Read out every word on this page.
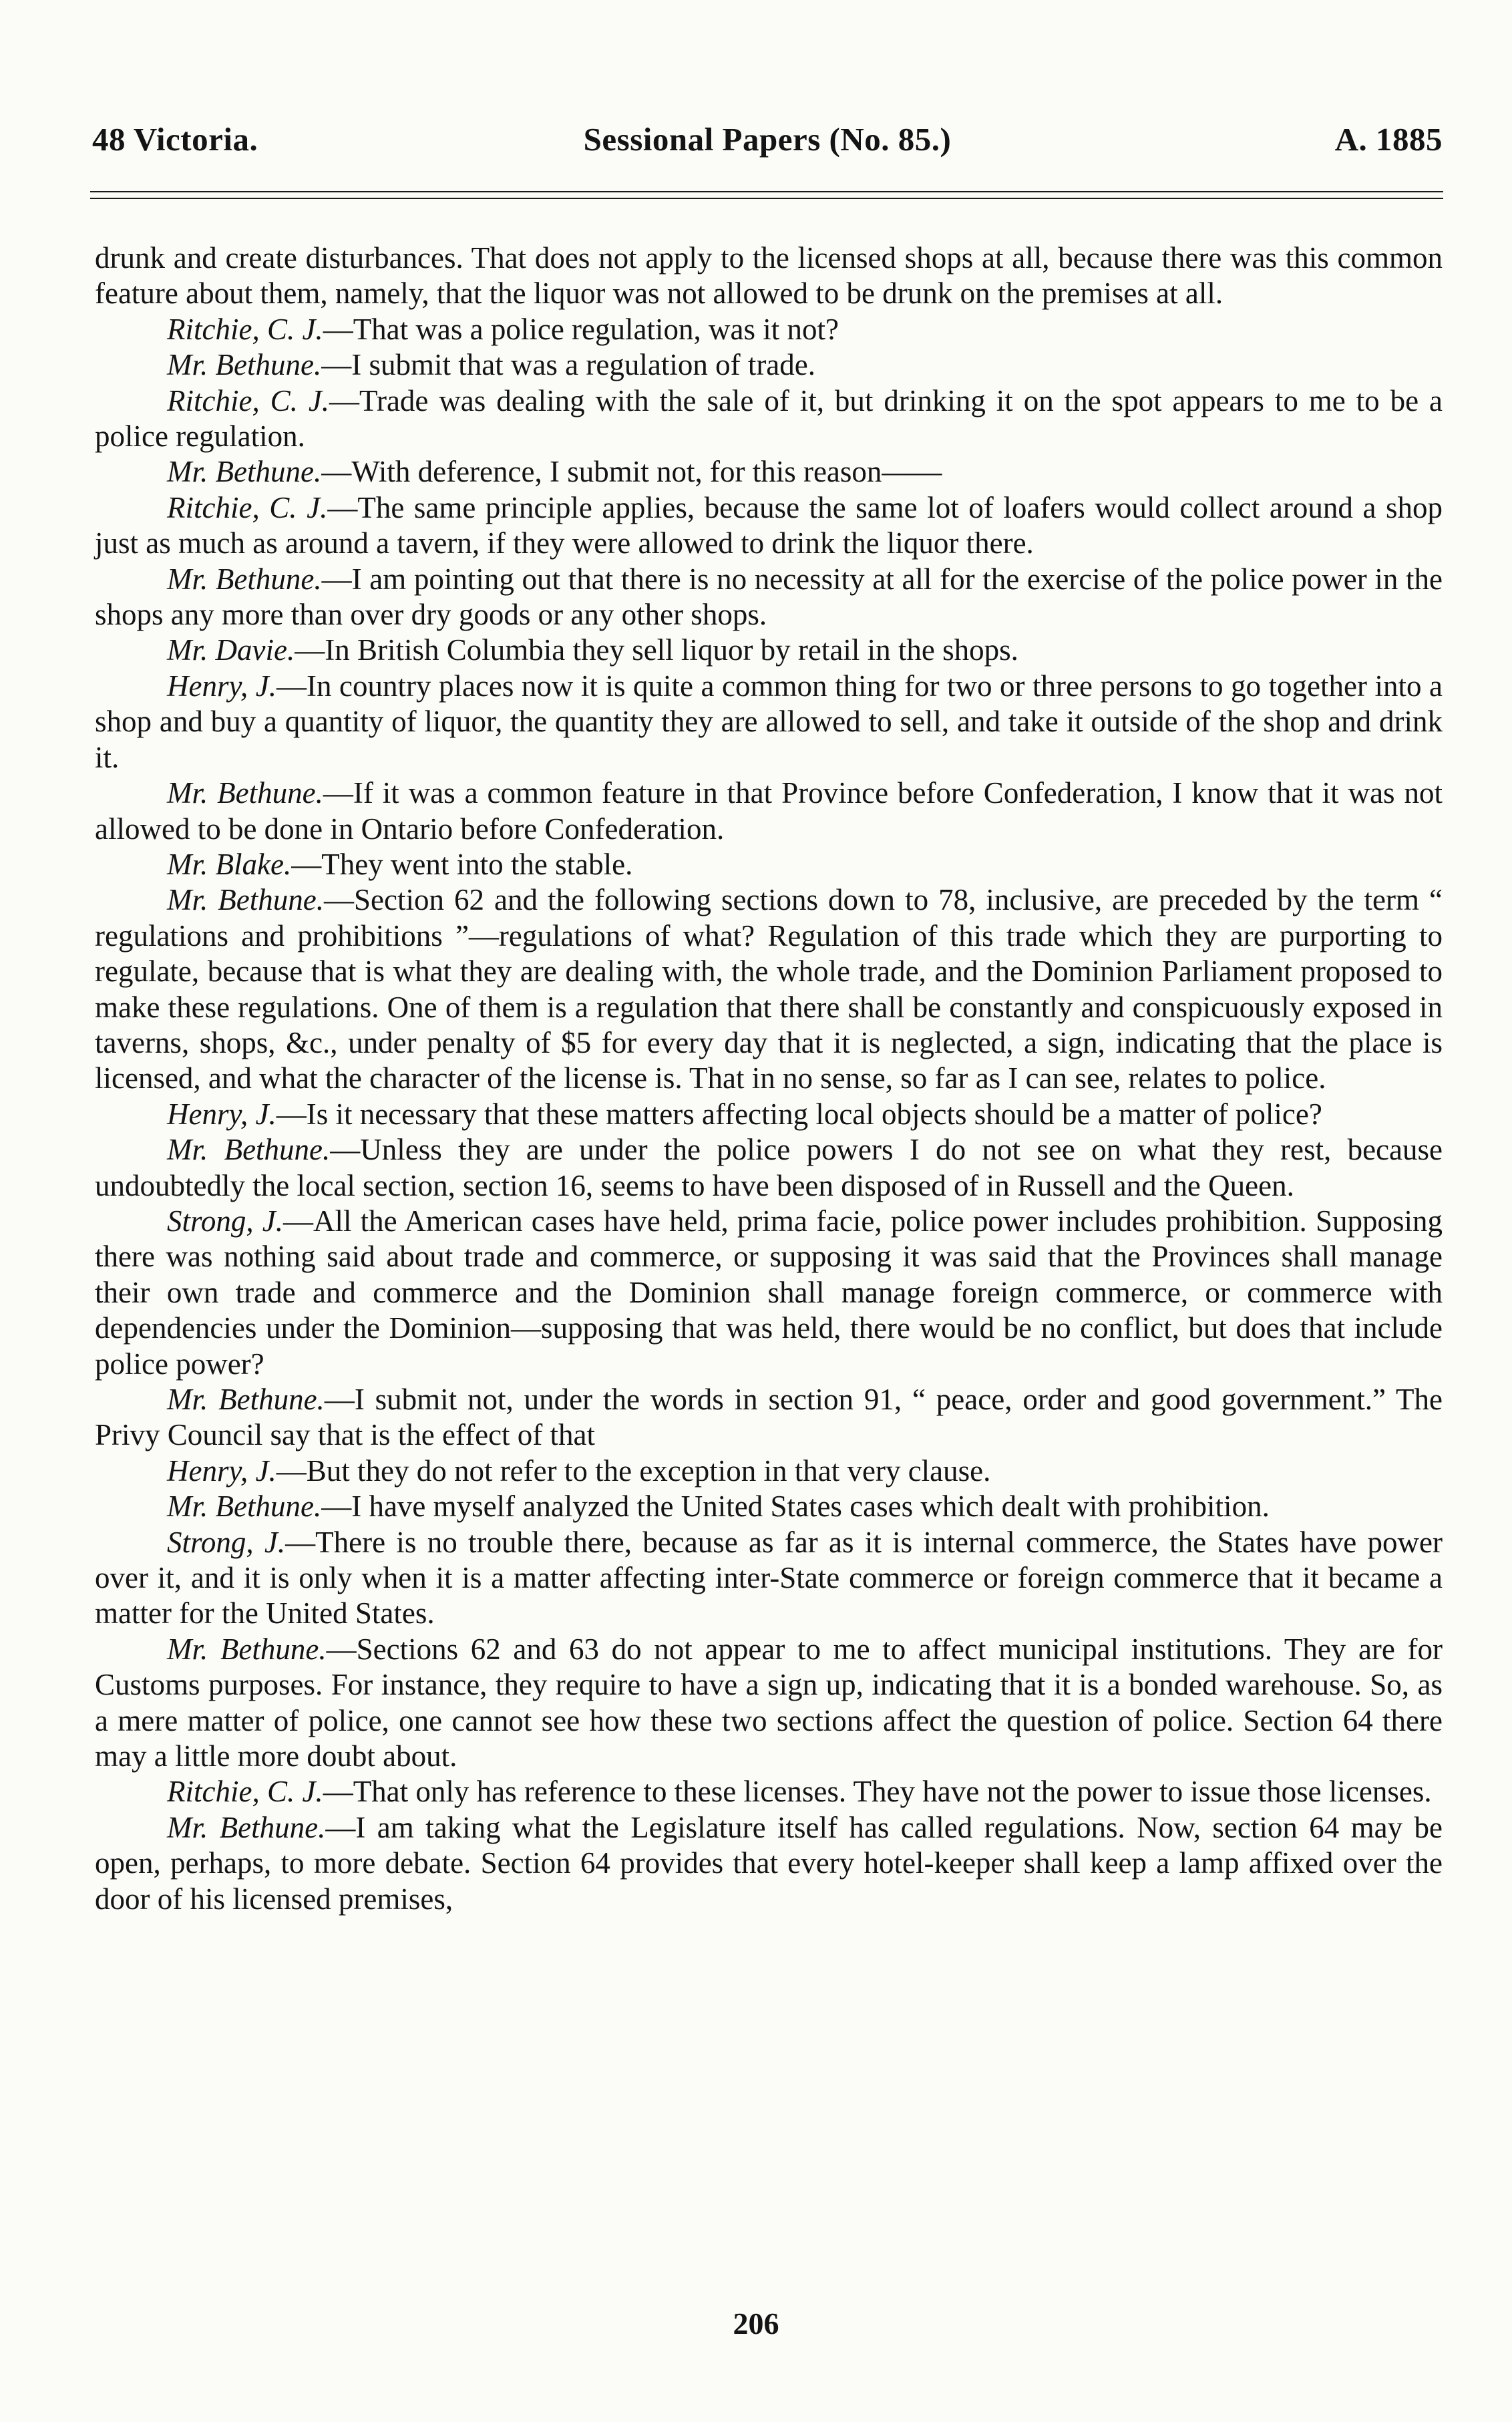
48 Victoria.	Sessional Papers (No. 85.)	A. 1885

drunk and create disturbances. That does not apply to the licensed shops at all, because there was this common feature about them, namely, that the liquor was not allowed to be drunk on the premises at all.

Ritchie, C. J.—That was a police regulation, was it not?

Mr. Bethune.—I submit that was a regulation of trade.

Ritchie, C. J.—Trade was dealing with the sale of it, but drinking it on the spot appears to me to be a police regulation.

Mr. Bethune.—With deference, I submit not, for this reason——

Ritchie, C. J.—The same principle applies, because the same lot of loafers would collect around a shop just as much as around a tavern, if they were allowed to drink the liquor there.

Mr. Bethune.—I am pointing out that there is no necessity at all for the exercise of the police power in the shops any more than over dry goods or any other shops.

Mr. Davie.—In British Columbia they sell liquor by retail in the shops.

Henry, J.—In country places now it is quite a common thing for two or three persons to go together into a shop and buy a quantity of liquor, the quantity they are allowed to sell, and take it outside of the shop and drink it.

Mr. Bethune.—If it was a common feature in that Province before Confederation, I know that it was not allowed to be done in Ontario before Confederation.

Mr. Blake.—They went into the stable.

Mr. Bethune.—Section 62 and the following sections down to 78, inclusive, are preceded by the term “ regulations and prohibitions ”—regulations of what? Regulation of this trade which they are purporting to regulate, because that is what they are dealing with, the whole trade, and the Dominion Parliament proposed to make these regulations. One of them is a regulation that there shall be constantly and conspicuously exposed in taverns, shops, &c., under penalty of $5 for every day that it is neglected, a sign, indicating that the place is licensed, and what the character of the license is. That in no sense, so far as I can see, relates to police.

Henry, J.—Is it necessary that these matters affecting local objects should be a matter of police?

Mr. Bethune.—Unless they are under the police powers I do not see on what they rest, because undoubtedly the local section, section 16, seems to have been disposed of in Russell and the Queen.

Strong, J.—All the American cases have held, prima facie, police power includes prohibition. Supposing there was nothing said about trade and commerce, or supposing it was said that the Provinces shall manage their own trade and commerce and the Dominion shall manage foreign commerce, or commerce with dependencies under the Dominion—supposing that was held, there would be no conflict, but does that include police power?

Mr. Bethune.—I submit not, under the words in section 91, “ peace, order and good government.” The Privy Council say that is the effect of that

Henry, J.—But they do not refer to the exception in that very clause.

Mr. Bethune.—I have myself analyzed the United States cases which dealt with prohibition.

Strong, J.—There is no trouble there, because as far as it is internal commerce, the States have power over it, and it is only when it is a matter affecting inter-State commerce or foreign commerce that it became a matter for the United States.

Mr. Bethune.—Sections 62 and 63 do not appear to me to affect municipal institutions. They are for Customs purposes. For instance, they require to have a sign up, indicating that it is a bonded warehouse. So, as a mere matter of police, one cannot see how these two sections affect the question of police. Section 64 there may a little more doubt about.

Ritchie, C. J.—That only has reference to these licenses. They have not the power to issue those licenses.

Mr. Bethune.—I am taking what the Legislature itself has called regulations. Now, section 64 may be open, perhaps, to more debate. Section 64 provides that every hotel-keeper shall keep a lamp affixed over the door of his licensed premises,

206
